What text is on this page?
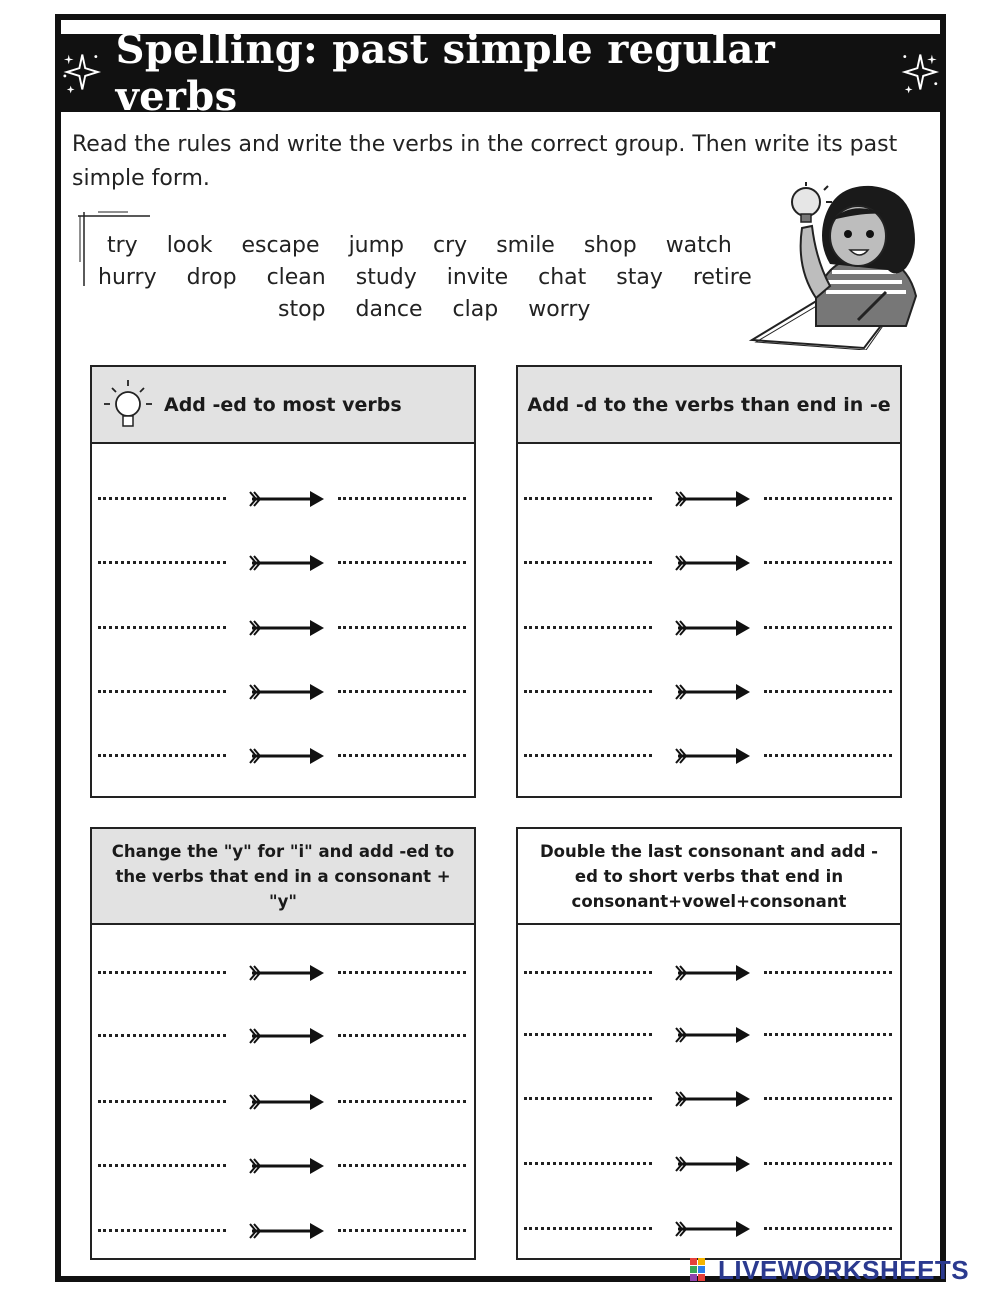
Spelling: past simple regular verbs

Read the rules and write the verbs in the correct group. Then write its past simple form.

try look escape jump cry smile shop watch
hurry drop clean study invite chat stay retire
stop dance clap worry
Add -ed to most verbs	Add -d to the verbs than end in -e
Change the "y" for "i" and add -ed to the verbs that end in a consonant + "y"
Double the last consonant and add -ed to short verbs that end in consonant+vowel+consonant
LIVEWORKSHEETS
